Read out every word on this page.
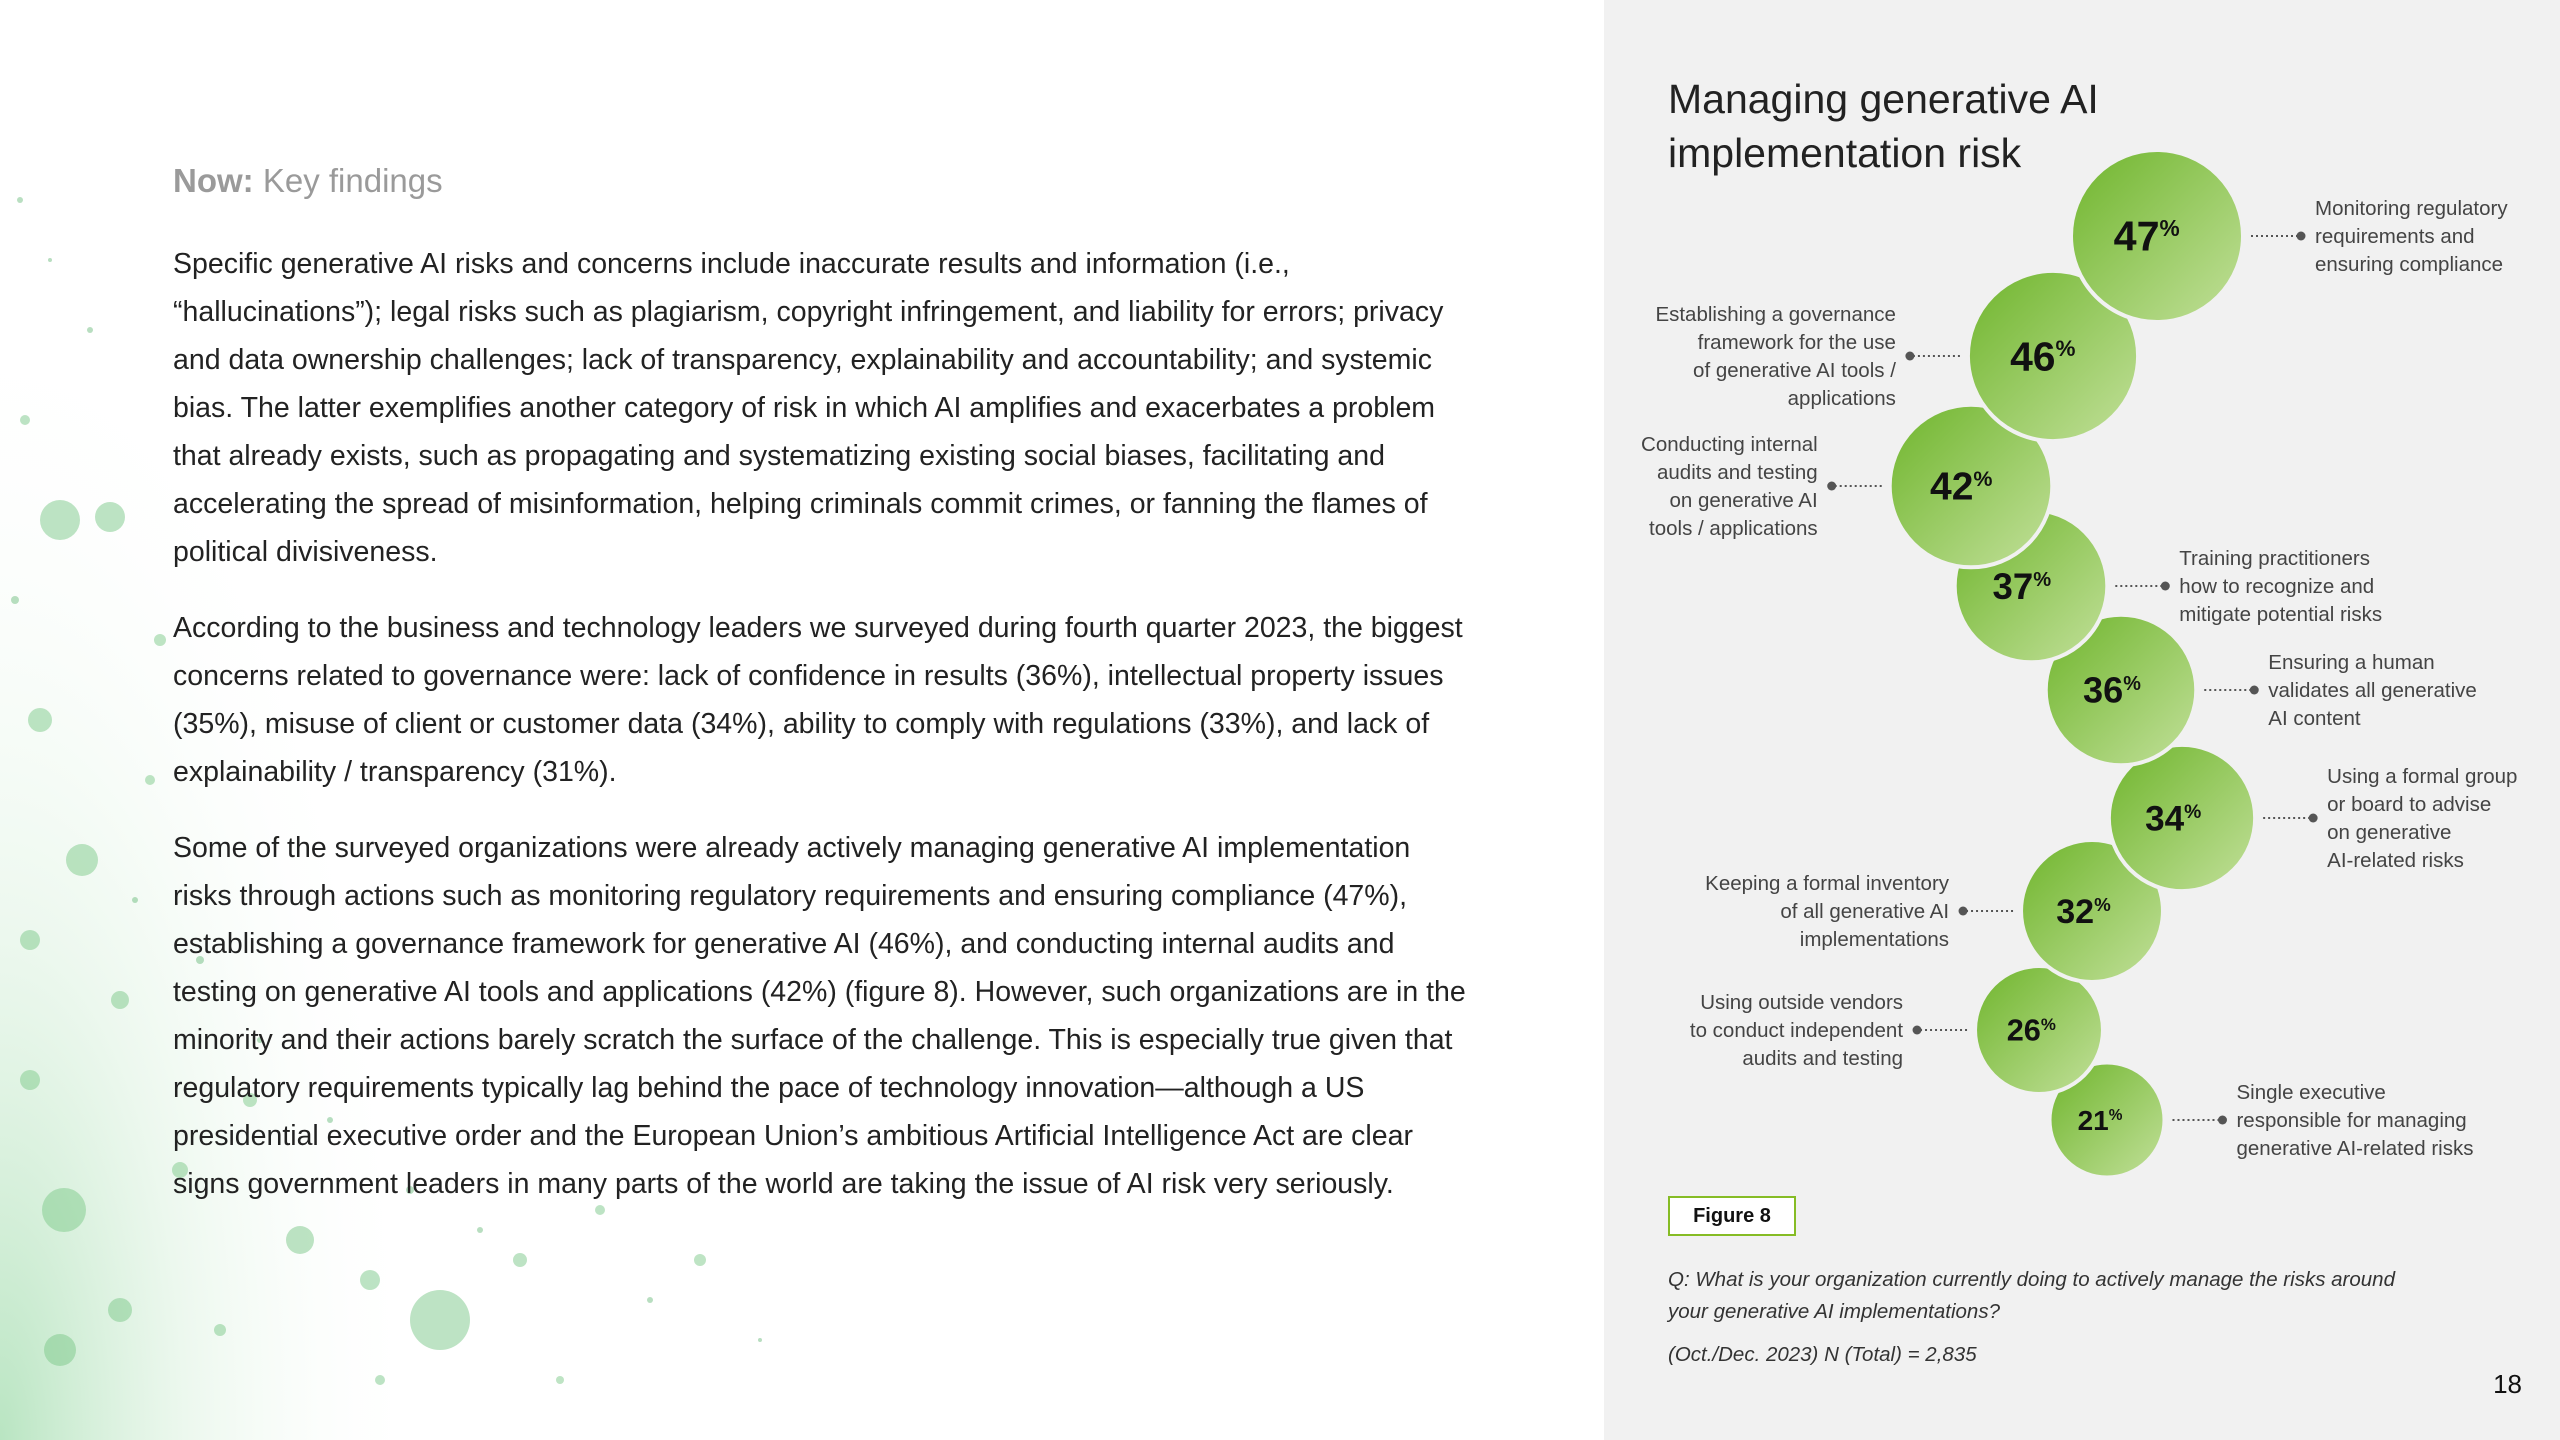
Now: Key findings

Specific generative AI risks and concerns include inaccurate results and information (i.e., “hallucinations”); legal risks such as plagiarism, copyright infringement, and liability for errors; privacy and data ownership challenges; lack of transparency, explainability and accountability; and systemic bias. The latter exemplifies another category of risk in which AI amplifies and exacerbates a problem that already exists, such as propagating and systematizing existing social biases, facilitating and accelerating the spread of misinformation, helping criminals commit crimes, or fanning the flames of political divisiveness.

According to the business and technology leaders we surveyed during fourth quarter 2023, the biggest concerns related to governance were: lack of confidence in results (36%), intellectual property issues (35%), misuse of client or customer data (34%), ability to comply with regulations (33%), and lack of explainability / transparency (31%).

Some of the surveyed organizations were already actively managing generative AI implementation risks through actions such as monitoring regulatory requirements and ensuring compliance (47%), establishing a governance framework for generative AI (46%), and conducting internal audits and testing on generative AI tools and applications (42%) (figure 8). However, such organizations are in the minority and their actions barely scratch the surface of the challenge. This is especially true given that regulatory requirements typically lag behind the pace of technology innovation—although a US presidential executive order and the European Union’s ambitious Artificial Intelligence Act are clear signs government leaders in many parts of the world are taking the issue of AI risk very seriously.

Managing generative AI implementation risk
47%
Monitoring regulatory requirements and ensuring compliance
46%
Establishing a governance framework for the use of generative AI tools / applications
42%
Conducting internal audits and testing on generative AI tools / applications
37%
Training practitioners how to recognize and mitigate potential risks
36%
Ensuring a human validates all generative AI content
34%
Using a formal group or board to advise on generative AI-related risks
32%
Keeping a formal inventory of all generative AI implementations
26%
Using outside vendors to conduct independent audits and testing
21%
Single executive responsible for managing generative AI-related risks
Figure 8
Q: What is your organization currently doing to actively manage the risks around your generative AI implementations?
(Oct./Dec. 2023) N (Total) = 2,835
18
